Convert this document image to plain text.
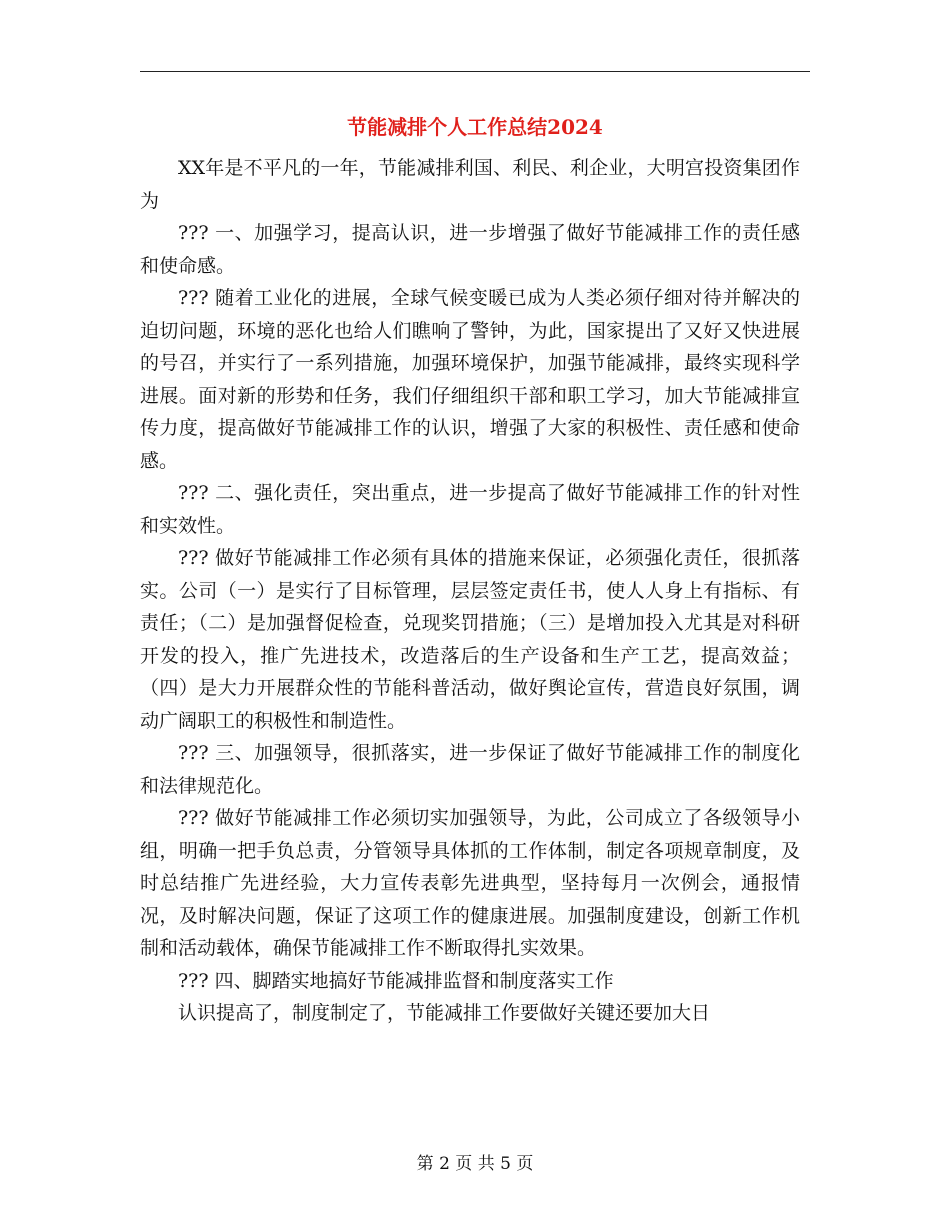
节能减排个人工作总结2024

XX年是不平凡的一年，节能减排利国、利民、利企业，大明宫投资集团作为

??? 一、加强学习，提高认识，进一步增强了做好节能减排工作的责任感和使命感。

??? 随着工业化的进展，全球气候变暖已成为人类必须仔细对待并解决的迫切问题，环境的恶化也给人们瞧响了警钟，为此，国家提出了又好又快进展的号召，并实行了一系列措施，加强环境保护，加强节能减排，最终实现科学进展。面对新的形势和任务，我们仔细组织干部和职工学习，加大节能减排宣传力度，提高做好节能减排工作的认识，增强了大家的积极性、责任感和使命感。

??? 二、强化责任，突出重点，进一步提高了做好节能减排工作的针对性和实效性。

??? 做好节能减排工作必须有具体的措施来保证，必须强化责任，很抓落实。公司（一）是实行了目标管理，层层签定责任书，使人人身上有指标、有责任；（二）是加强督促检查，兑现奖罚措施；（三）是增加投入尤其是对科研开发的投入，推广先进技术，改造落后的生产设备和生产工艺，提高效益；（四）是大力开展群众性的节能科普活动，做好舆论宣传，营造良好氛围，调动广阔职工的积极性和制造性。

??? 三、加强领导，很抓落实，进一步保证了做好节能减排工作的制度化和法律规范化。

??? 做好节能减排工作必须切实加强领导，为此，公司成立了各级领导小组，明确一把手负总责，分管领导具体抓的工作体制，制定各项规章制度，及时总结推广先进经验，大力宣传表彰先进典型，坚持每月一次例会，通报情况，及时解决问题，保证了这项工作的健康进展。加强制度建设，创新工作机制和活动载体，确保节能减排工作不断取得扎实效果。

??? 四、脚踏实地搞好节能减排监督和制度落实工作

认识提高了，制度制定了，节能减排工作要做好关键还要加大日

第 2 页 共 5 页
